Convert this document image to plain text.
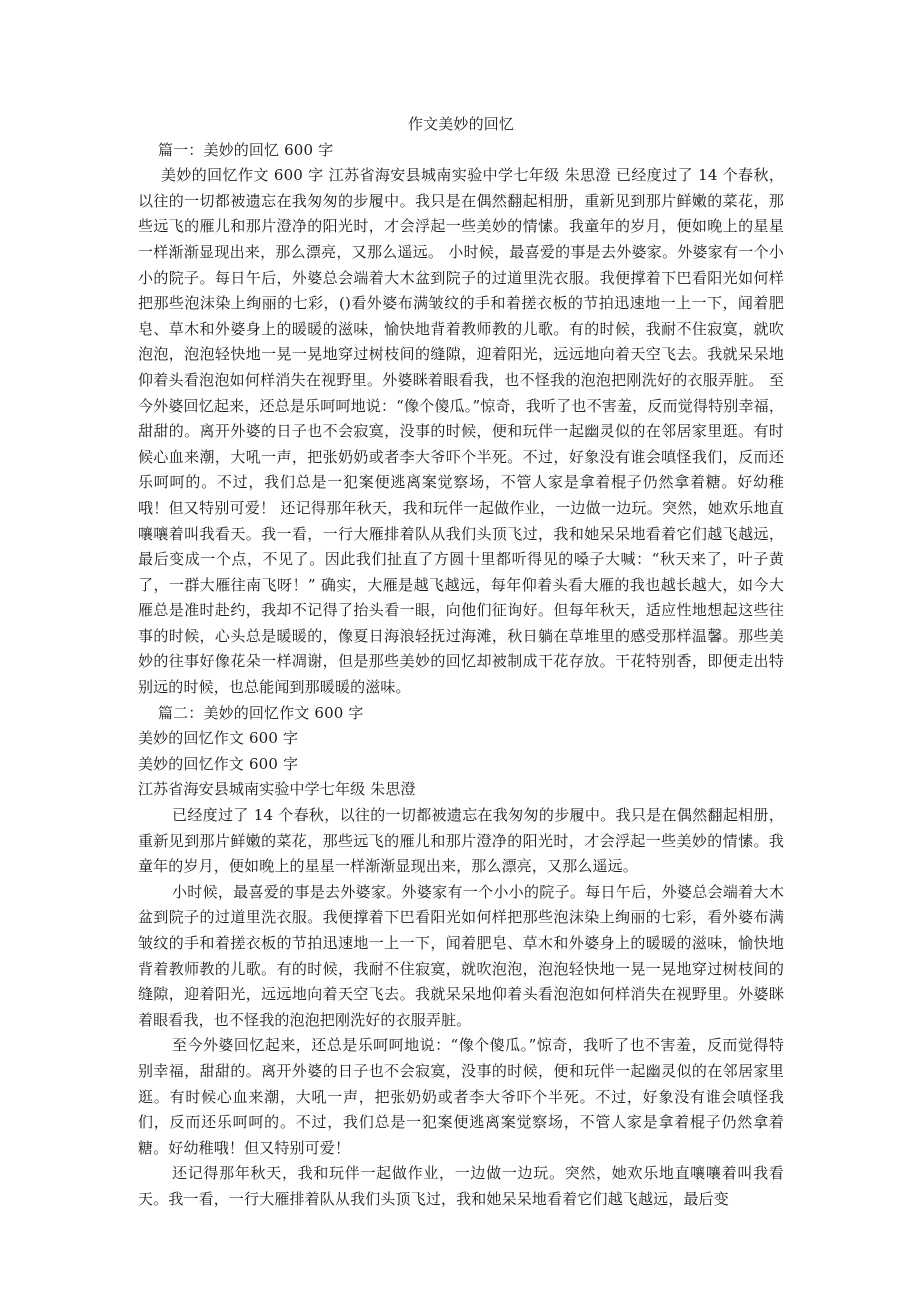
作文美妙的回忆

篇一：美妙的回忆 600 字

美妙的回忆作文 600 字 江苏省海安县城南实验中学七年级 朱思澄 已经度过了 14 个春秋，以往的一切都被遗忘在我匆匆的步履中。我只是在偶然翻起相册，重新见到那片鲜嫩的菜花，那些远飞的雁儿和那片澄净的阳光时，才会浮起一些美妙的情愫。我童年的岁月，便如晚上的星星一样渐渐显现出来，那么漂亮，又那么遥远。 小时候，最喜爱的事是去外婆家。外婆家有一个小小的院子。每日午后，外婆总会端着大木盆到院子的过道里洗衣服。我便撑着下巴看阳光如何样把那些泡沫染上绚丽的七彩，()看外婆布满皱纹的手和着搓衣板的节拍迅速地一上一下，闻着肥皂、草木和外婆身上的暖暖的滋味，愉快地背着教师教的儿歌。有的时候，我耐不住寂寞，就吹泡泡，泡泡轻快地一晃一晃地穿过树枝间的缝隙，迎着阳光，远远地向着天空飞去。我就呆呆地仰着头看泡泡如何样消失在视野里。外婆眯着眼看我，也不怪我的泡泡把刚洗好的衣服弄脏。 至今外婆回忆起来，还总是乐呵呵地说：“像个傻瓜。”惊奇，我听了也不害羞，反而觉得特别幸福，甜甜的。离开外婆的日子也不会寂寞，没事的时候，便和玩伴一起幽灵似的在邻居家里逛。有时候心血来潮，大吼一声，把张奶奶或者李大爷吓个半死。不过，好象没有谁会嗔怪我们，反而还乐呵呵的。不过，我们总是一犯案便逃离案觉察场，不管人家是拿着棍子仍然拿着糖。好幼稚哦！但又特别可爱！ 还记得那年秋天，我和玩伴一起做作业，一边做一边玩。突然，她欢乐地直嚷嚷着叫我看天。我一看，一行大雁排着队从我们头顶飞过，我和她呆呆地看着它们越飞越远，最后变成一个点，不见了。因此我们扯直了方圆十里都听得见的嗓子大喊：“秋天来了，叶子黄了，一群大雁往南飞呀！” 确实，大雁是越飞越远，每年仰着头看大雁的我也越长越大，如今大雁总是准时赴约，我却不记得了抬头看一眼，向他们征询好。但每年秋天，适应性地想起这些往事的时候，心头总是暖暖的，像夏日海浪轻抚过海滩，秋日躺在草堆里的感受那样温馨。那些美妙的往事好像花朵一样凋谢，但是那些美妙的回忆却被制成干花存放。干花特别香，即便走出特别远的时候，也总能闻到那暖暖的滋味。

篇二：美妙的回忆作文 600 字

美妙的回忆作文 600 字

美妙的回忆作文 600 字

江苏省海安县城南实验中学七年级 朱思澄

已经度过了 14 个春秋，以往的一切都被遗忘在我匆匆的步履中。我只是在偶然翻起相册，重新见到那片鲜嫩的菜花，那些远飞的雁儿和那片澄净的阳光时，才会浮起一些美妙的情愫。我童年的岁月，便如晚上的星星一样渐渐显现出来，那么漂亮，又那么遥远。

小时候，最喜爱的事是去外婆家。外婆家有一个小小的院子。每日午后，外婆总会端着大木盆到院子的过道里洗衣服。我便撑着下巴看阳光如何样把那些泡沫染上绚丽的七彩，看外婆布满皱纹的手和着搓衣板的节拍迅速地一上一下，闻着肥皂、草木和外婆身上的暖暖的滋味，愉快地背着教师教的儿歌。有的时候，我耐不住寂寞，就吹泡泡，泡泡轻快地一晃一晃地穿过树枝间的缝隙，迎着阳光，远远地向着天空飞去。我就呆呆地仰着头看泡泡如何样消失在视野里。外婆眯着眼看我，也不怪我的泡泡把刚洗好的衣服弄脏。

至今外婆回忆起来，还总是乐呵呵地说：“像个傻瓜。”惊奇，我听了也不害羞，反而觉得特别幸福，甜甜的。离开外婆的日子也不会寂寞，没事的时候，便和玩伴一起幽灵似的在邻居家里逛。有时候心血来潮，大吼一声，把张奶奶或者李大爷吓个半死。不过，好象没有谁会嗔怪我们，反而还乐呵呵的。不过，我们总是一犯案便逃离案觉察场，不管人家是拿着棍子仍然拿着糖。好幼稚哦！但又特别可爱！

还记得那年秋天，我和玩伴一起做作业，一边做一边玩。突然，她欢乐地直嚷嚷着叫我看天。我一看，一行大雁排着队从我们头顶飞过，我和她呆呆地看着它们越飞越远，最后变
